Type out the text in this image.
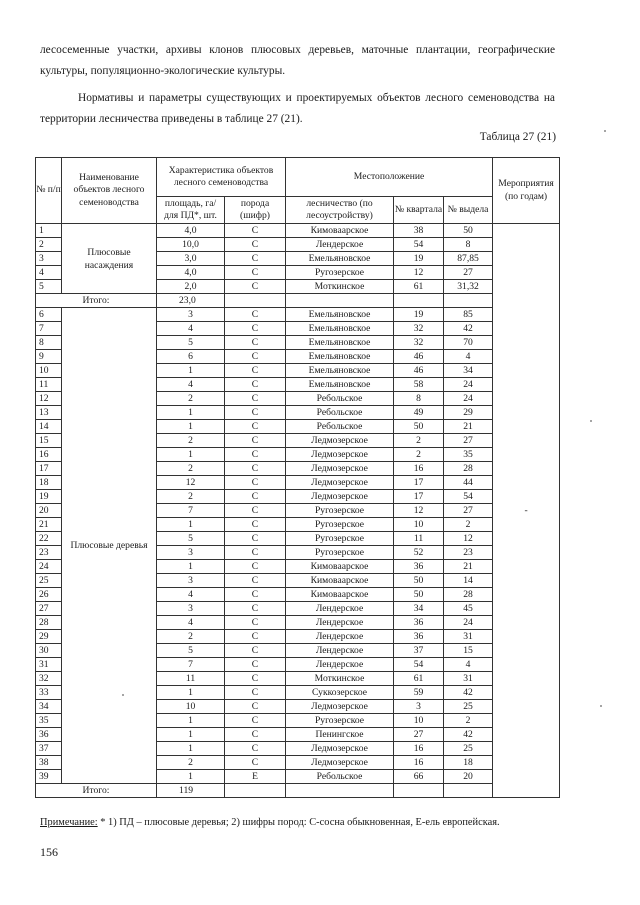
лесосеменные участки, архивы клонов плюсовых деревьев, маточные плантации, географические культуры, популяционно-экологические культуры.

Нормативы и параметры существующих и проектируемых объектов лесного семеноводства на территории лесничества приведены в таблице 27 (21).

Таблица 27 (21)
№ п/п	Наименование объектов лесного семеноводства	Характеристика объектов лесного семеноводства		Местоположение			Мероприятия (по годам)
		площадь, га/ для ПД*, шт.	порода (шифр)	лесничество (по лесоустройству)	№ квартала	№ выдела	
1	Плюсовые насаждения	4,0	С	Кимоваарское	38	50	-
2		10,0	С	Лендерское	54	8	
3		3,0	С	Емельяновское	19	87,85	
4		4,0	С	Ругозерское	12	27	
5		2,0	С	Моткинское	61	31,32	
Итого:		23,0					
6	Плюсовые деревья	3	С	Емельяновское	19	85	
7		4	С	Емельяновское	32	42	
8		5	С	Емельяновское	32	70	
9		6	С	Емельяновское	46	4	
10		1	С	Емельяновское	46	34	
11		4	С	Емельяновское	58	24	
12		2	С	Ребольское	8	24	
13		1	С	Ребольское	49	29	
14		1	С	Ребольское	50	21	
15		2	С	Ледмозерское	2	27	
16		1	С	Ледмозерское	2	35	
17		2	С	Ледмозерское	16	28	
18		12	С	Ледмозерское	17	44	
19		2	С	Ледмозерское	17	54	
20		7	С	Ругозерское	12	27	
21		1	С	Ругозерское	10	2	
22		5	С	Ругозерское	11	12	
23		3	С	Ругозерское	52	23	
24		1	С	Кимоваарское	36	21	
25		3	С	Кимоваарское	50	14	
26		4	С	Кимоваарское	50	28	
27		3	С	Лендерское	34	45	
28		4	С	Лендерское	36	24	
29		2	С	Лендерское	36	31	
30		5	С	Лендерское	37	15	
31		7	С	Лендерское	54	4	
32		11	С	Моткинское	61	31	
33		1	С	Суккозерское	59	42	
34		10	С	Ледмозерское	3	25	
35		1	С	Ругозерское	10	2	
36		1	С	Пенингское	27	42	
37		1	С	Ледмозерское	16	25	
38		2	С	Ледмозерское	16	18	
39		1	Е	Ребольское	66	20	
Итого:		119					

Примечание: * 1) ПД – плюсовые деревья; 2) шифры пород: С-сосна обыкновенная, Е-ель европейская.

156
